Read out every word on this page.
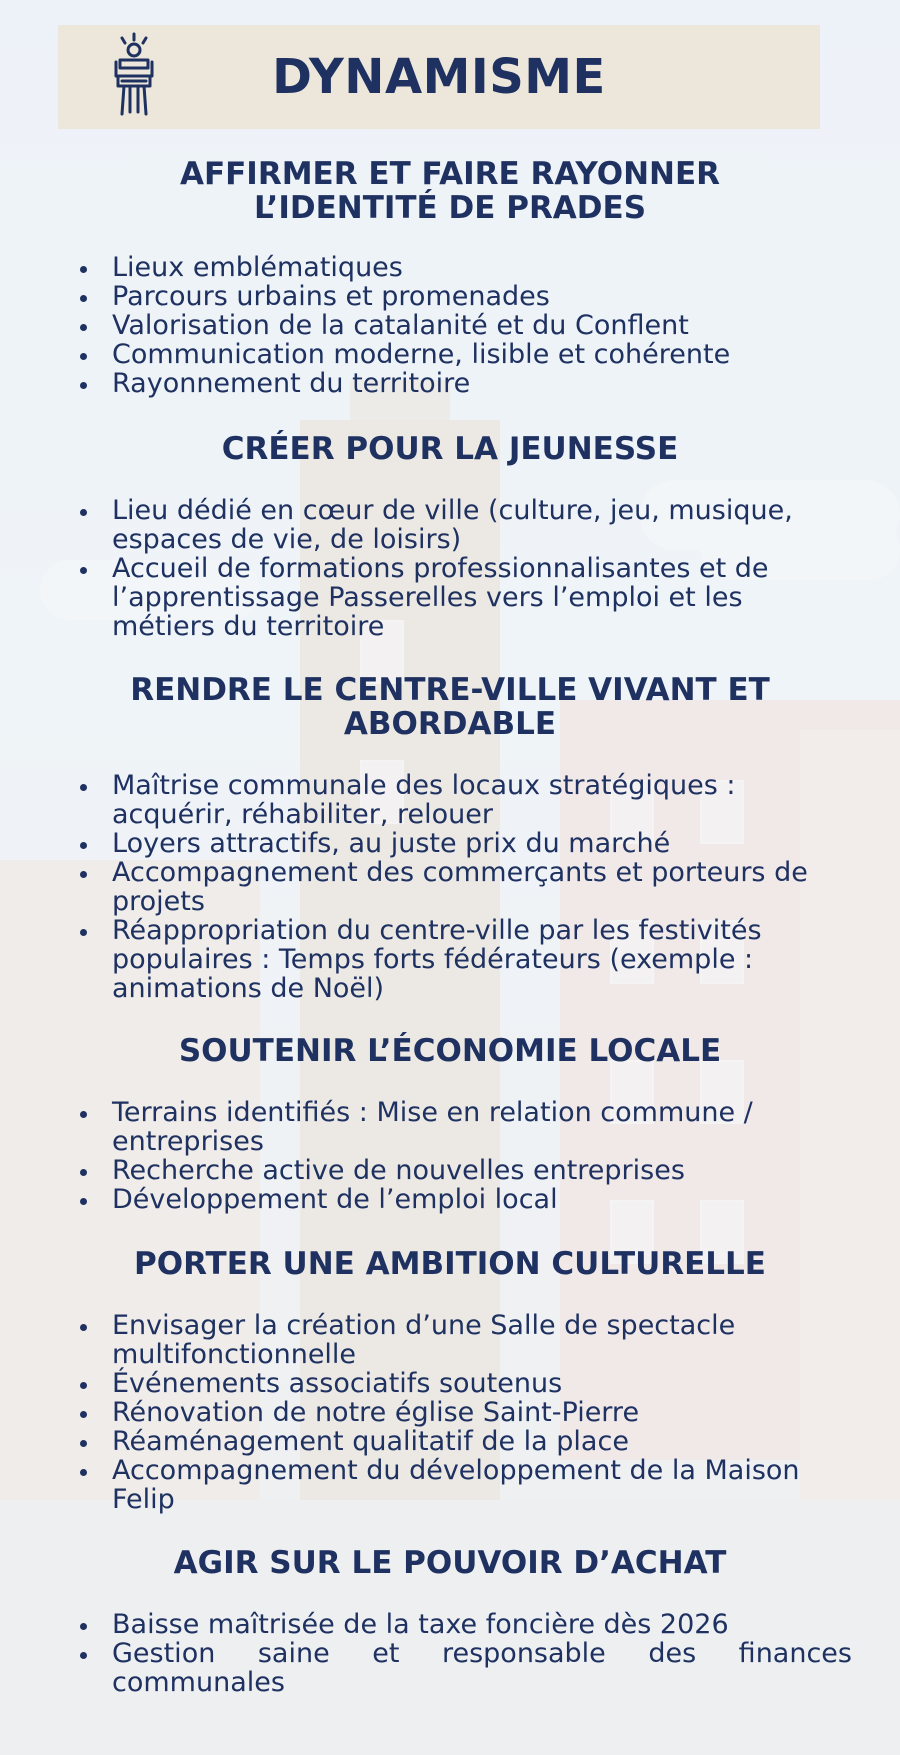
DYNAMISME
AFFIRMER ET FAIRE RAYONNER
L’IDENTITÉ DE PRADES
Lieux emblématiques
Parcours urbains et promenades
Valorisation de la catalanité et du Conflent
Communication moderne, lisible et cohérente
Rayonnement du territoire
CRÉER POUR LA JEUNESSE
Lieu dédié en cœur de ville (culture, jeu, musique, espaces de vie, de loisirs)
Accueil de formations professionnalisantes et de l’apprentissage Passerelles vers l’emploi et les métiers du territoire
RENDRE LE CENTRE-VILLE VIVANT ET
ABORDABLE
Maîtrise communale des locaux stratégiques : acquérir, réhabiliter, relouer
Loyers attractifs, au juste prix du marché
Accompagnement des commerçants et porteurs de projets
Réappropriation du centre-ville par les festivités populaires : Temps forts fédérateurs (exemple : animations de Noël)
SOUTENIR L’ÉCONOMIE LOCALE
Terrains identifiés : Mise en relation commune / entreprises
Recherche active de nouvelles entreprises
Développement de l’emploi local
PORTER UNE AMBITION CULTURELLE
Envisager la création d’une Salle de spectacle multifonctionnelle
Événements associatifs soutenus
Rénovation de notre église Saint-Pierre
Réaménagement qualitatif de la place
Accompagnement du développement de la Maison Felip
AGIR SUR LE POUVOIR D’ACHAT
Baisse maîtrisée de la taxe foncière dès 2026
Gestion saine et responsable des finances communales
